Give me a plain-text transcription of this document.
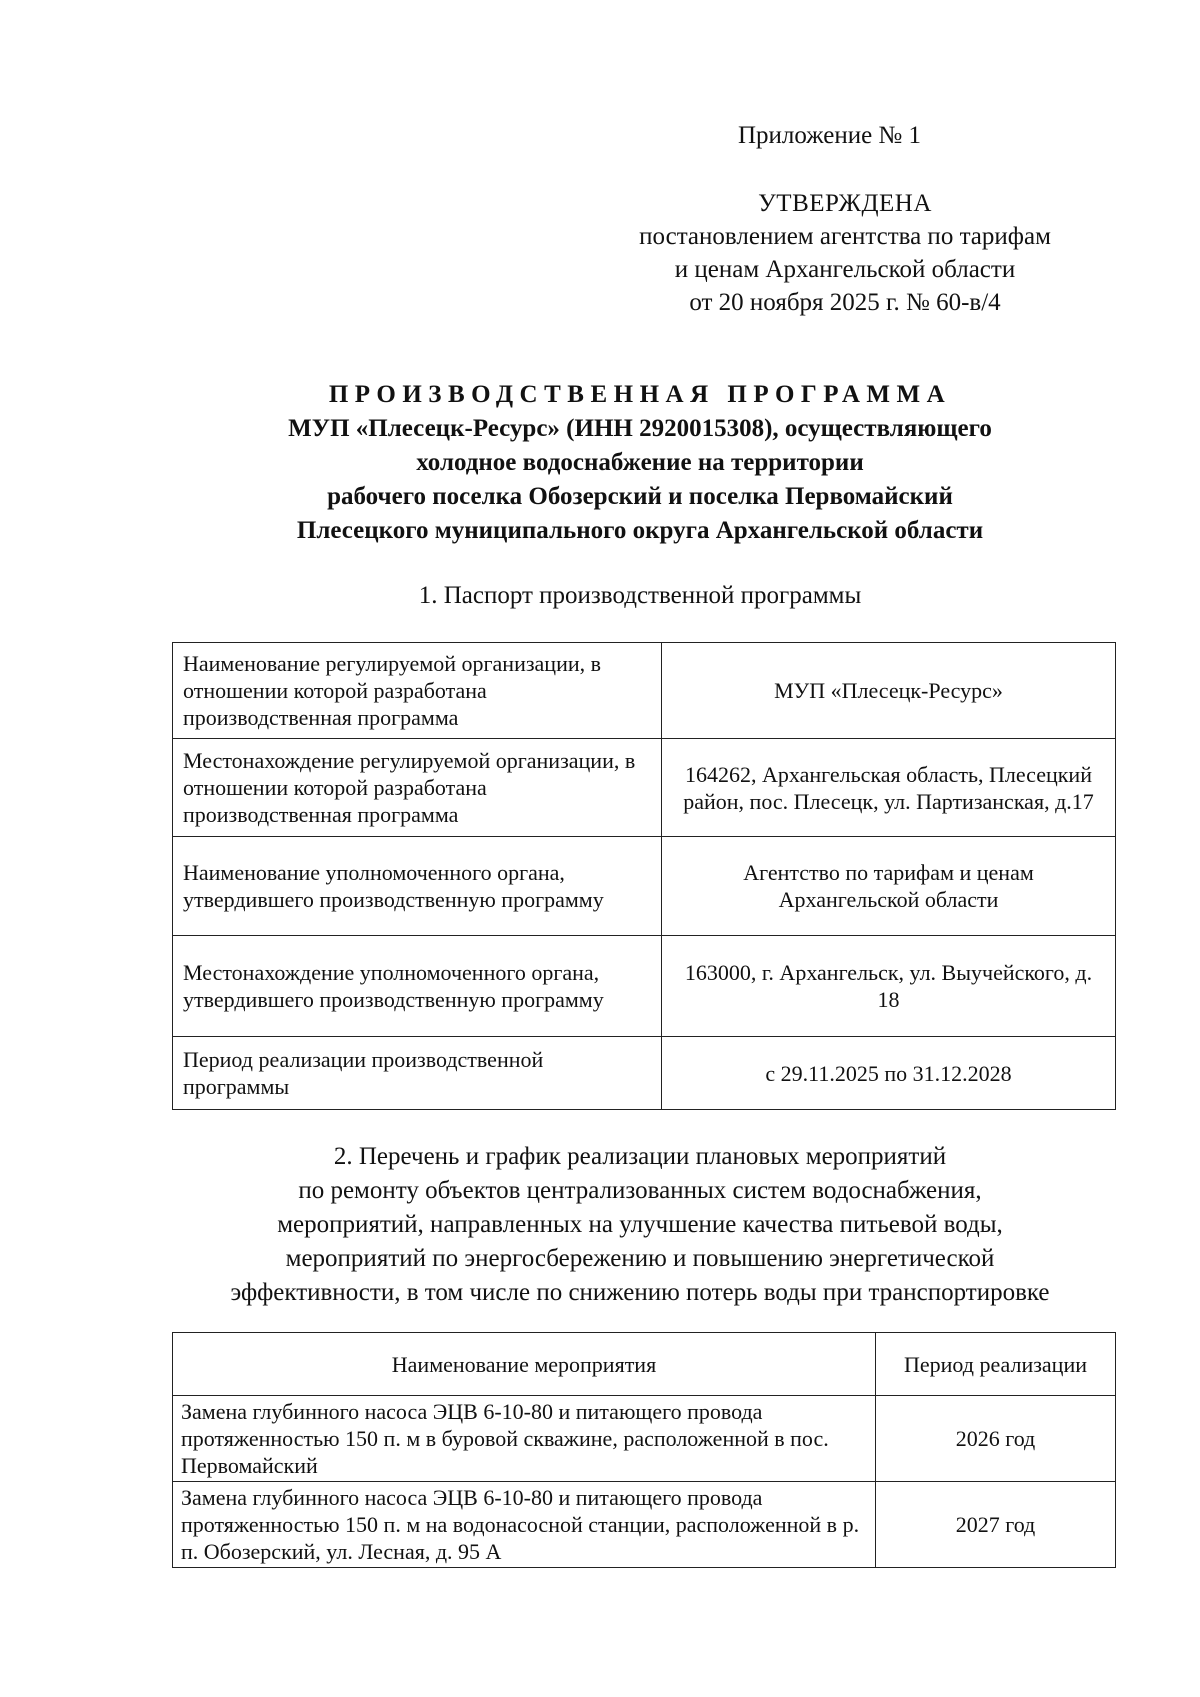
Приложение № 1
УТВЕРЖДЕНА
постановлением агентства по тарифам
и ценам Архангельской области
от 20 ноября 2025 г. № 60-в/4
ПРОИЗВОДСТВЕННАЯ ПРОГРАММА
МУП «Плесецк-Ресурс» (ИНН 2920015308), осуществляющего
холодное водоснабжение на территории
рабочего поселка Обозерский и поселка Первомайский
Плесецкого муниципального округа Архангельской области
1. Паспорт производственной программы
Наименование регулируемой организации, в отношении которой разработана производственная программа	МУП «Плесецк-Ресурс»
Местонахождение регулируемой организации, в отношении которой разработана производственная программа	164262, Архангельская область, Плесецкий район, пос. Плесецк, ул. Партизанская, д.17
Наименование уполномоченного органа, утвердившего производственную программу	Агентство по тарифам и ценам Архангельской области
Местонахождение уполномоченного органа, утвердившего производственную программу	163000, г. Архангельск, ул. Выучейского, д. 18
Период реализации производственной программы	с 29.11.2025 по 31.12.2028
2. Перечень и график реализации плановых мероприятий
по ремонту объектов централизованных систем водоснабжения,
мероприятий, направленных на улучшение качества питьевой воды,
мероприятий по энергосбережению и повышению энергетической
эффективности, в том числе по снижению потерь воды при транспортировке
Наименование мероприятия	Период реализации
Замена глубинного насоса ЭЦВ 6-10-80 и питающего провода протяженностью 150 п. м в буровой скважине, расположенной в пос. Первомайский	2026 год
Замена глубинного насоса ЭЦВ 6-10-80 и питающего провода протяженностью 150 п. м на водонасосной станции, расположенной в р. п. Обозерский, ул. Лесная, д. 95 А	2027 год
